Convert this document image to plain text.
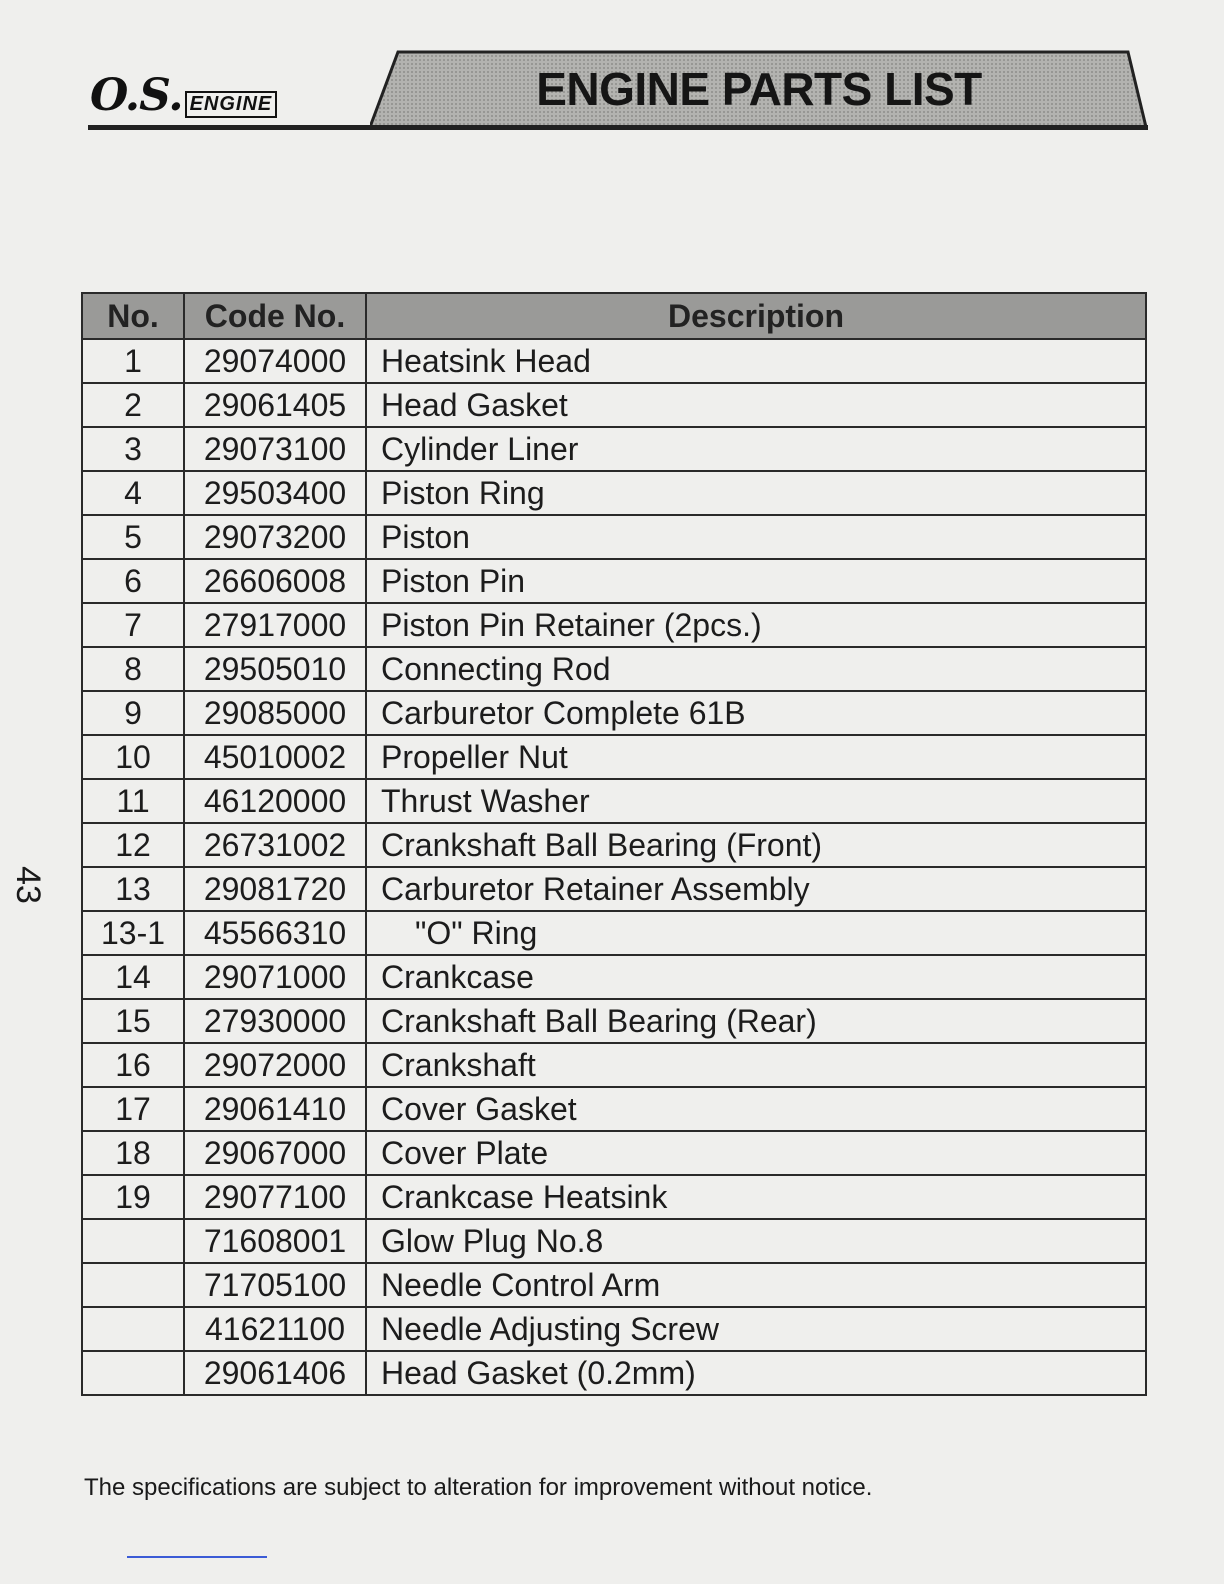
O.S. ENGINE	ENGINE PARTS LIST
No.	Code No.	Description
1	29074000	Heatsink Head
2	29061405	Head Gasket
3	29073100	Cylinder Liner
4	29503400	Piston Ring
5	29073200	Piston
6	26606008	Piston Pin
7	27917000	Piston Pin Retainer (2pcs.)
8	29505010	Connecting Rod
9	29085000	Carburetor Complete 61B
10	45010002	Propeller Nut
11	46120000	Thrust Washer
12	26731002	Crankshaft Ball Bearing (Front)
13	29081720	Carburetor Retainer Assembly
13-1	45566310	"O" Ring
14	29071000	Crankcase
15	27930000	Crankshaft Ball Bearing (Rear)
16	29072000	Crankshaft
17	29061410	Cover Gasket
18	29067000	Cover Plate
19	29077100	Crankcase Heatsink
	71608001	Glow Plug No.8
	71705100	Needle Control Arm
	41621100	Needle Adjusting Screw
	29061406	Head Gasket (0.2mm)
The specifications are subject to alteration for improvement without notice.
43
